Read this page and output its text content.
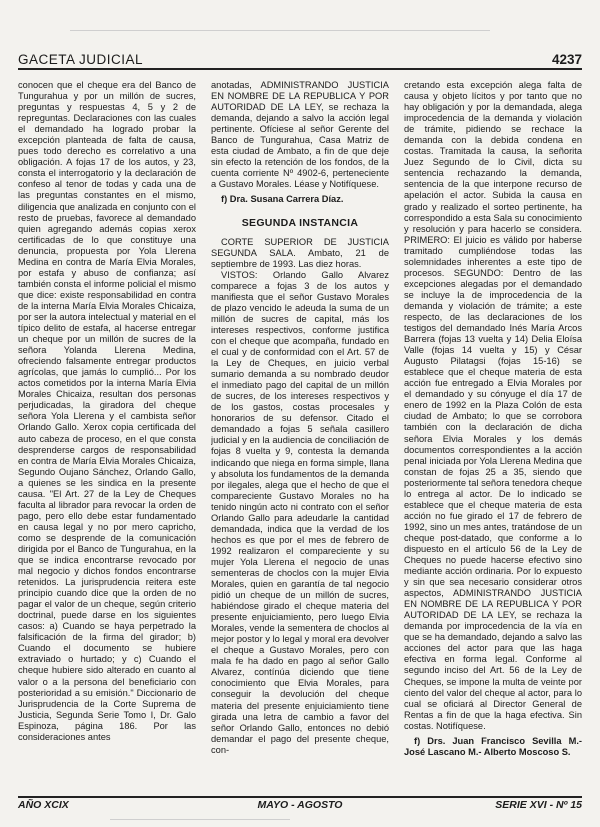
GACETA JUDICIAL	4237

conocen que el cheque era del Banco de Tungurahua y por un millón de sucres, preguntas y respuestas 4, 5 y 2 de repreguntas. Declaraciones con las cuales el demandado ha logrado probar la excepción planteada de falta de causa, pues todo derecho es correlativo a una obligación. A fojas 17 de los autos, y 23, consta el interrogatorio y la declaración de confeso al tenor de todas y cada una de las preguntas constantes en el mismo, diligencia que analizada en conjunto con el resto de pruebas, favorece al demandado quien agregando además copias xerox certificadas de lo que constituye una denuncia, propuesta por Yola Llerena Medina en contra de María Elvia Morales, por estafa y abuso de confianza; así también consta el informe policial el mismo que dice: existe responsabilidad en contra de la interna María Elvia Morales Chicaiza, por ser la autora intelectual y material en el típico delito de estafa, al hacerse entregar un cheque por un millón de sucres de la señora Yolanda Llerena Medina, ofreciendo falsamente entregar productos agrícolas, que jamás lo cumplió... Por los actos cometidos por la interna María Elvia Morales Chicaiza, resultan dos personas perjudicadas, la giradora del cheque señora Yola Llerena y el cambista señor Orlando Gallo. Xerox copia certificada del auto cabeza de proceso, en el que consta desprenderse cargos de responsabilidad en contra de María Elvia Morales Chicaiza, Segundo Oujano Sánchez, Orlando Gallo, a quienes se les sindica en la presente causa. "El Art. 27 de la Ley de Cheques faculta al librador para revocar la orden de pago, pero ello debe estar fundamentado en causa legal y no por mero capricho, como se desprende de la comunicación dirigida por el Banco de Tungurahua, en la que se indica encontrarse revocado por mal negocio y dichos fondos encontrarse retenidos. La jurisprudencia reitera este principio cuando dice que la orden de no pagar el valor de un cheque, según criterio doctrinal, puede darse en los siguientes casos: a) Cuando se haya perpetrado la falsificación de la firma del girador; b) Cuando el documento se hubiere extraviado o hurtado; y c) Cuando el cheque hubiere sido alterado en cuanto al valor o a la persona del beneficiario con posterioridad a su emisión." Diccionario de Jurisprudencia de la Corte Suprema de Justicia, Segunda Serie Tomo I, Dr. Galo Espinoza, página 186. Por las consideraciones antes

anotadas, ADMINISTRANDO JUSTICIA EN NOMBRE DE LA REPUBLICA Y POR AUTORIDAD DE LA LEY, se rechaza la demanda, dejando a salvo la acción legal pertinente. Ofíciese al señor Gerente del Banco de Tungurahua, Casa Matriz de esta ciudad de Ambato, a fin de que deje sin efecto la retención de los fondos, de la cuenta corriente Nº 4902-6, perteneciente a Gustavo Morales. Léase y Notifíquese.

f) Dra. Susana Carrera Díaz.

SEGUNDA INSTANCIA

CORTE SUPERIOR DE JUSTICIA SEGUNDA SALA. Ambato, 21 de septiembre de 1993. Las diez horas.

VISTOS: Orlando Gallo Alvarez comparece a fojas 3 de los autos y manifiesta que el señor Gustavo Morales de plazo vencido le adeuda la suma de un millón de sucres de capital, más los intereses respectivos, conforme justifica con el cheque que acompaña, fundado en el cual y de conformidad con el Art. 57 de la Ley de Cheques, en juicio verbal sumario demanda a su nombrado deudor el inmediato pago del capital de un millón de sucres, de los intereses respectivos y de los gastos, costas procesales y honorarios de su defensor. Citado el demandado a fojas 5 señala casillero judicial y en la audiencia de conciliación de fojas 8 vuelta y 9, contesta la demanda indicando que niega en forma simple, llana y absoluta los fundamentos de la demanda por ilegales, alega que el hecho de que el compareciente Gustavo Morales no ha tenido ningún acto ni contrato con el señor Orlando Gallo para adeudarle la cantidad demandada, indica que la verdad de los hechos es que por el mes de febrero de 1992 realizaron el compareciente y su mujer Yola Llerena el negocio de unas sementeras de choclos con la mujer Elvia Morales, quien en garantía de tal negocio pidió un cheque de un millón de sucres, habiéndose girado el cheque materia del presente enjuiciamiento, pero luego Elvia Morales, vende la sementera de choclos al mejor postor y lo legal y moral era devolver el cheque a Gustavo Morales, pero con mala fe ha dado en pago al señor Gallo Alvarez, contínúa diciendo que tiene conocimiento que Elvia Morales, para conseguir la devolución del cheque materia del presente enjuiciamiento tiene girada una letra de cambio a favor del señor Orlando Gallo, entonces no debió demandar el pago del presente cheque, con-

cretando esta excepción alega falta de causa y objeto lícitos y por tanto que no hay obligación y por la demandada, alega improcedencia de la demanda y violación de trámite, pidiendo se rechace la demanda con la debida condena en costas. Tramitada la causa, la señorita Juez Segundo de lo Civil, dicta su sentencia rechazando la demanda, sentencia de la que interpone recurso de apelación el actor. Subida la causa en grado y realizado el sorteo pertinente, ha correspondido a esta Sala su conocimiento y resolución y para hacerlo se considera. PRIMERO: El juicio es válido por haberse tramitado cumpliéndose todas las solemnidades inherentes a este tipo de procesos. SEGUNDO: Dentro de las excepciones alegadas por el demandado se incluye la de improcedencia de la demanda y violación de trámite; a este respecto, de las declaraciones de los testigos del demandado Inés María Arcos Barrera (fojas 13 vuelta y 14) Delia Eloísa Valle (fojas 14 vuelta y 15) y César Augusto Pilatagsi (fojas 15-16) se establece que el cheque materia de esta acción fue entregado a Elvia Morales por el demandado y su cónyuge el día 17 de enero de 1992 en la Plaza Colón de esta ciudad de Ambato; lo que se corrobora también con la declaración de dicha señora Elvia Morales y los demás documentos correspondientes a la acción penal iniciada por Yola Llerena Medina que constan de fojas 25 a 35, siendo que posteriormente tal señora tenedora cheque lo entrega al actor. De lo indicado se establece que el cheque materia de esta acción no fue girado el 17 de febrero de 1992, sino un mes antes, tratándose de un cheque post-datado, que conforme a lo dispuesto en el artículo 56 de la Ley de Cheques no puede hacerse efectivo sino mediante acción ordinaria. Por lo expuesto y sin que sea necesario considerar otros aspectos, ADMINISTRANDO JUSTICIA EN NOMBRE DE LA REPUBLICA Y POR AUTORIDAD DE LA LEY, se rechaza la demanda por improcedencia de la vía en que se ha demandado, dejando a salvo las acciones del actor para que las haga efectiva en forma legal. Conforme al segundo inciso del Art. 56 de la Ley de Cheques, se impone la multa de veinte por ciento del valor del cheque al actor, para lo cual se oficiará al Director General de Rentas a fin de que la haga efectiva. Sin costas. Notifíquese.

f) Drs. Juan Francisco Sevilla M.- José Lascano M.- Alberto Moscoso S.

AÑO XCIX	MAYO - AGOSTO	SERIE XVI - Nº 15
